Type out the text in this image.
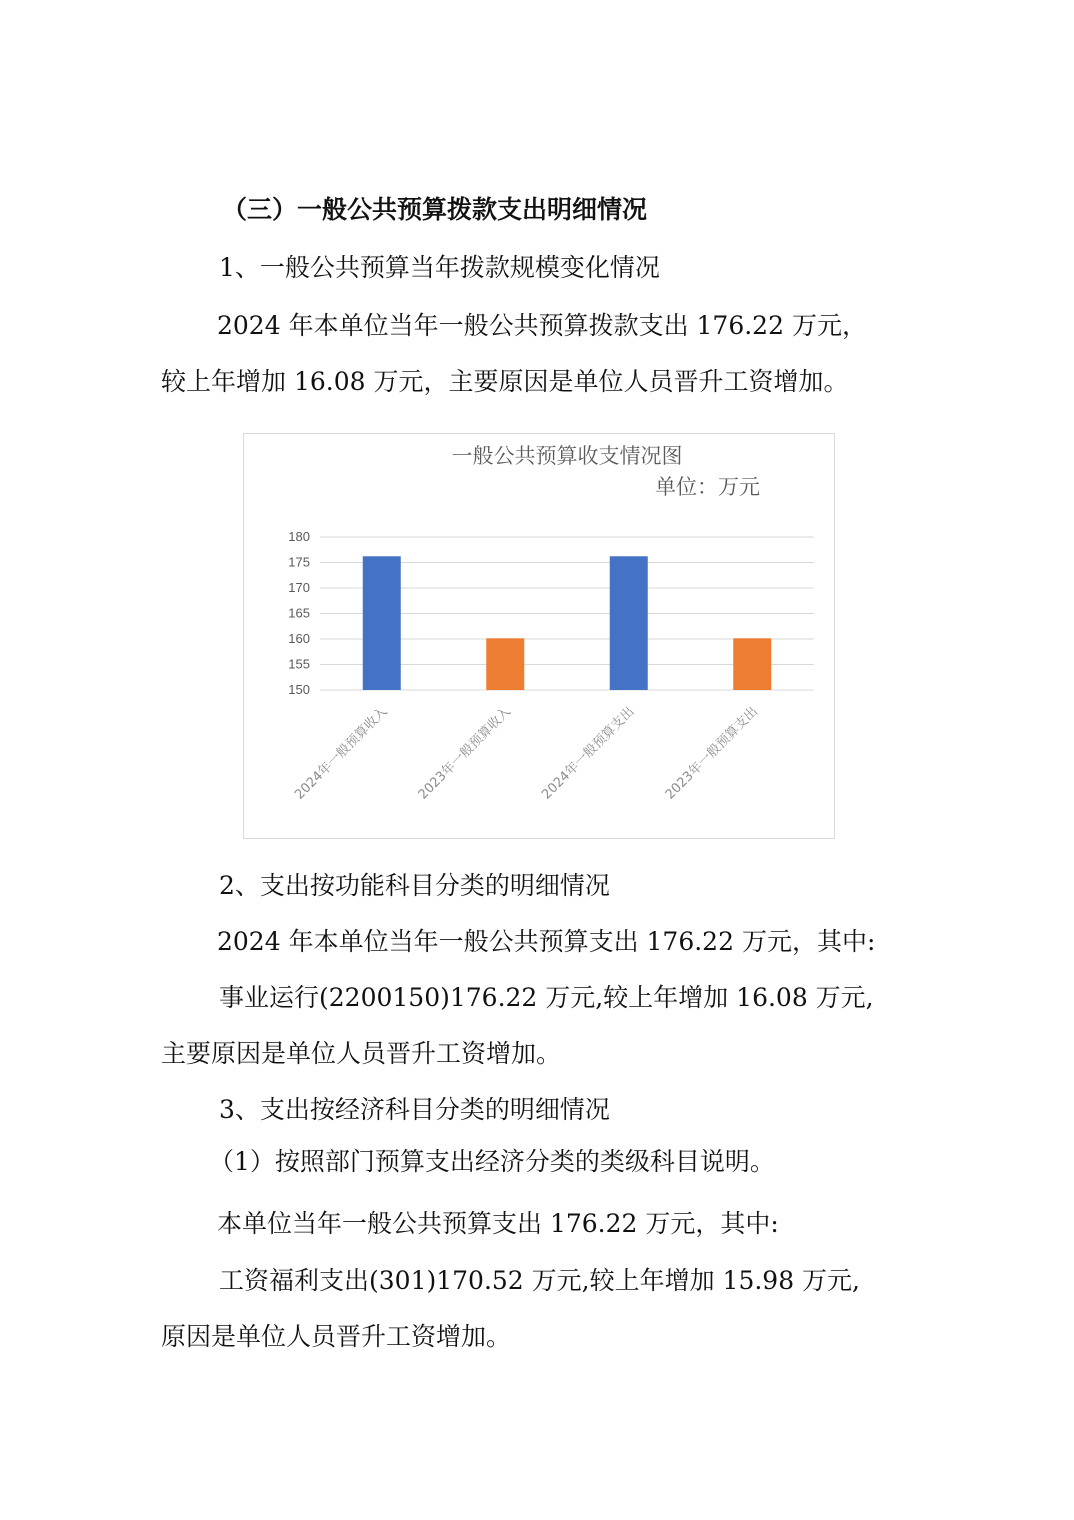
（三）一般公共预算拨款支出明细情况
1、一般公共预算当年拨款规模变化情况
2024 年本单位当年一般公共预算拨款支出 176.22 万元，
较上年增加 16.08 万元，主要原因是单位人员晋升工资增加。
一般公共预算收支情况图
单位：万元
150
155
160
165
170
175
180
2024年一般预算收入 2023年一般预算收入 2024年一般预算支出 2023年一般预算支出
2、支出按功能科目分类的明细情况
2024 年本单位当年一般公共预算支出 176.22 万元，其中:
事业运行(2200150)176.22 万元,较上年增加 16.08 万元,
主要原因是单位人员晋升工资增加。
3、支出按经济科目分类的明细情况
（1）按照部门预算支出经济分类的类级科目说明。
本单位当年一般公共预算支出 176.22 万元，其中:
工资福利支出(301)170.52 万元,较上年增加 15.98 万元,
原因是单位人员晋升工资增加。
